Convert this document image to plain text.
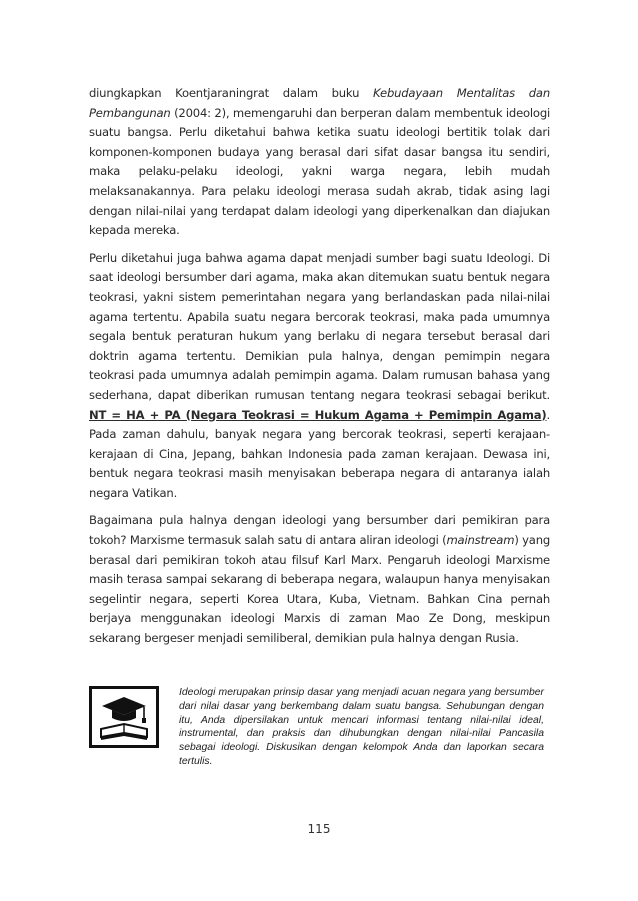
diungkapkan Koentjaraningrat dalam buku Kebudayaan Mentalitas dan Pembangunan (2004: 2), memengaruhi dan berperan dalam membentuk ideologi suatu bangsa. Perlu diketahui bahwa ketika suatu ideologi bertitik tolak dari komponen-komponen budaya yang berasal dari sifat dasar bangsa itu sendiri, maka pelaku-pelaku ideologi, yakni warga negara, lebih mudah melaksanakannya. Para pelaku ideologi merasa sudah akrab, tidak asing lagi dengan nilai-nilai yang terdapat dalam ideologi yang diperkenalkan dan diajukan kepada mereka.

Perlu diketahui juga bahwa agama dapat menjadi sumber bagi suatu Ideologi. Di saat ideologi bersumber dari agama, maka akan ditemukan suatu bentuk negara teokrasi, yakni sistem pemerintahan negara yang berlandaskan pada nilai-nilai agama tertentu. Apabila suatu negara bercorak teokrasi, maka pada umumnya segala bentuk peraturan hukum yang berlaku di negara tersebut berasal dari doktrin agama tertentu. Demikian pula halnya, dengan pemimpin negara teokrasi pada umumnya adalah pemimpin agama. Dalam rumusan bahasa yang sederhana, dapat diberikan rumusan tentang negara teokrasi sebagai berikut. NT = HA + PA (Negara Teokrasi = Hukum Agama + Pemimpin Agama). Pada zaman dahulu, banyak negara yang bercorak teokrasi, seperti kerajaan-kerajaan di Cina, Jepang, bahkan Indonesia pada zaman kerajaan. Dewasa ini, bentuk negara teokrasi masih menyisakan beberapa negara di antaranya ialah negara Vatikan.

Bagaimana pula halnya dengan ideologi yang bersumber dari pemikiran para tokoh? Marxisme termasuk salah satu di antara aliran ideologi (mainstream) yang berasal dari pemikiran tokoh atau filsuf Karl Marx. Pengaruh ideologi Marxisme masih terasa sampai sekarang di beberapa negara, walaupun hanya menyisakan segelintir negara, seperti Korea Utara, Kuba, Vietnam. Bahkan Cina pernah berjaya menggunakan ideologi Marxis di zaman Mao Ze Dong, meskipun sekarang bergeser menjadi semiliberal, demikian pula halnya dengan Rusia.

Ideologi merupakan prinsip dasar yang menjadi acuan negara yang bersumber dari nilai dasar yang berkembang dalam suatu bangsa. Sehubungan dengan itu, Anda dipersilakan untuk mencari informasi tentang nilai-nilai ideal, instrumental, dan praksis dan dihubungkan dengan nilai-nilai Pancasila sebagai ideologi. Diskusikan dengan kelompok Anda dan laporkan secara tertulis.
115
